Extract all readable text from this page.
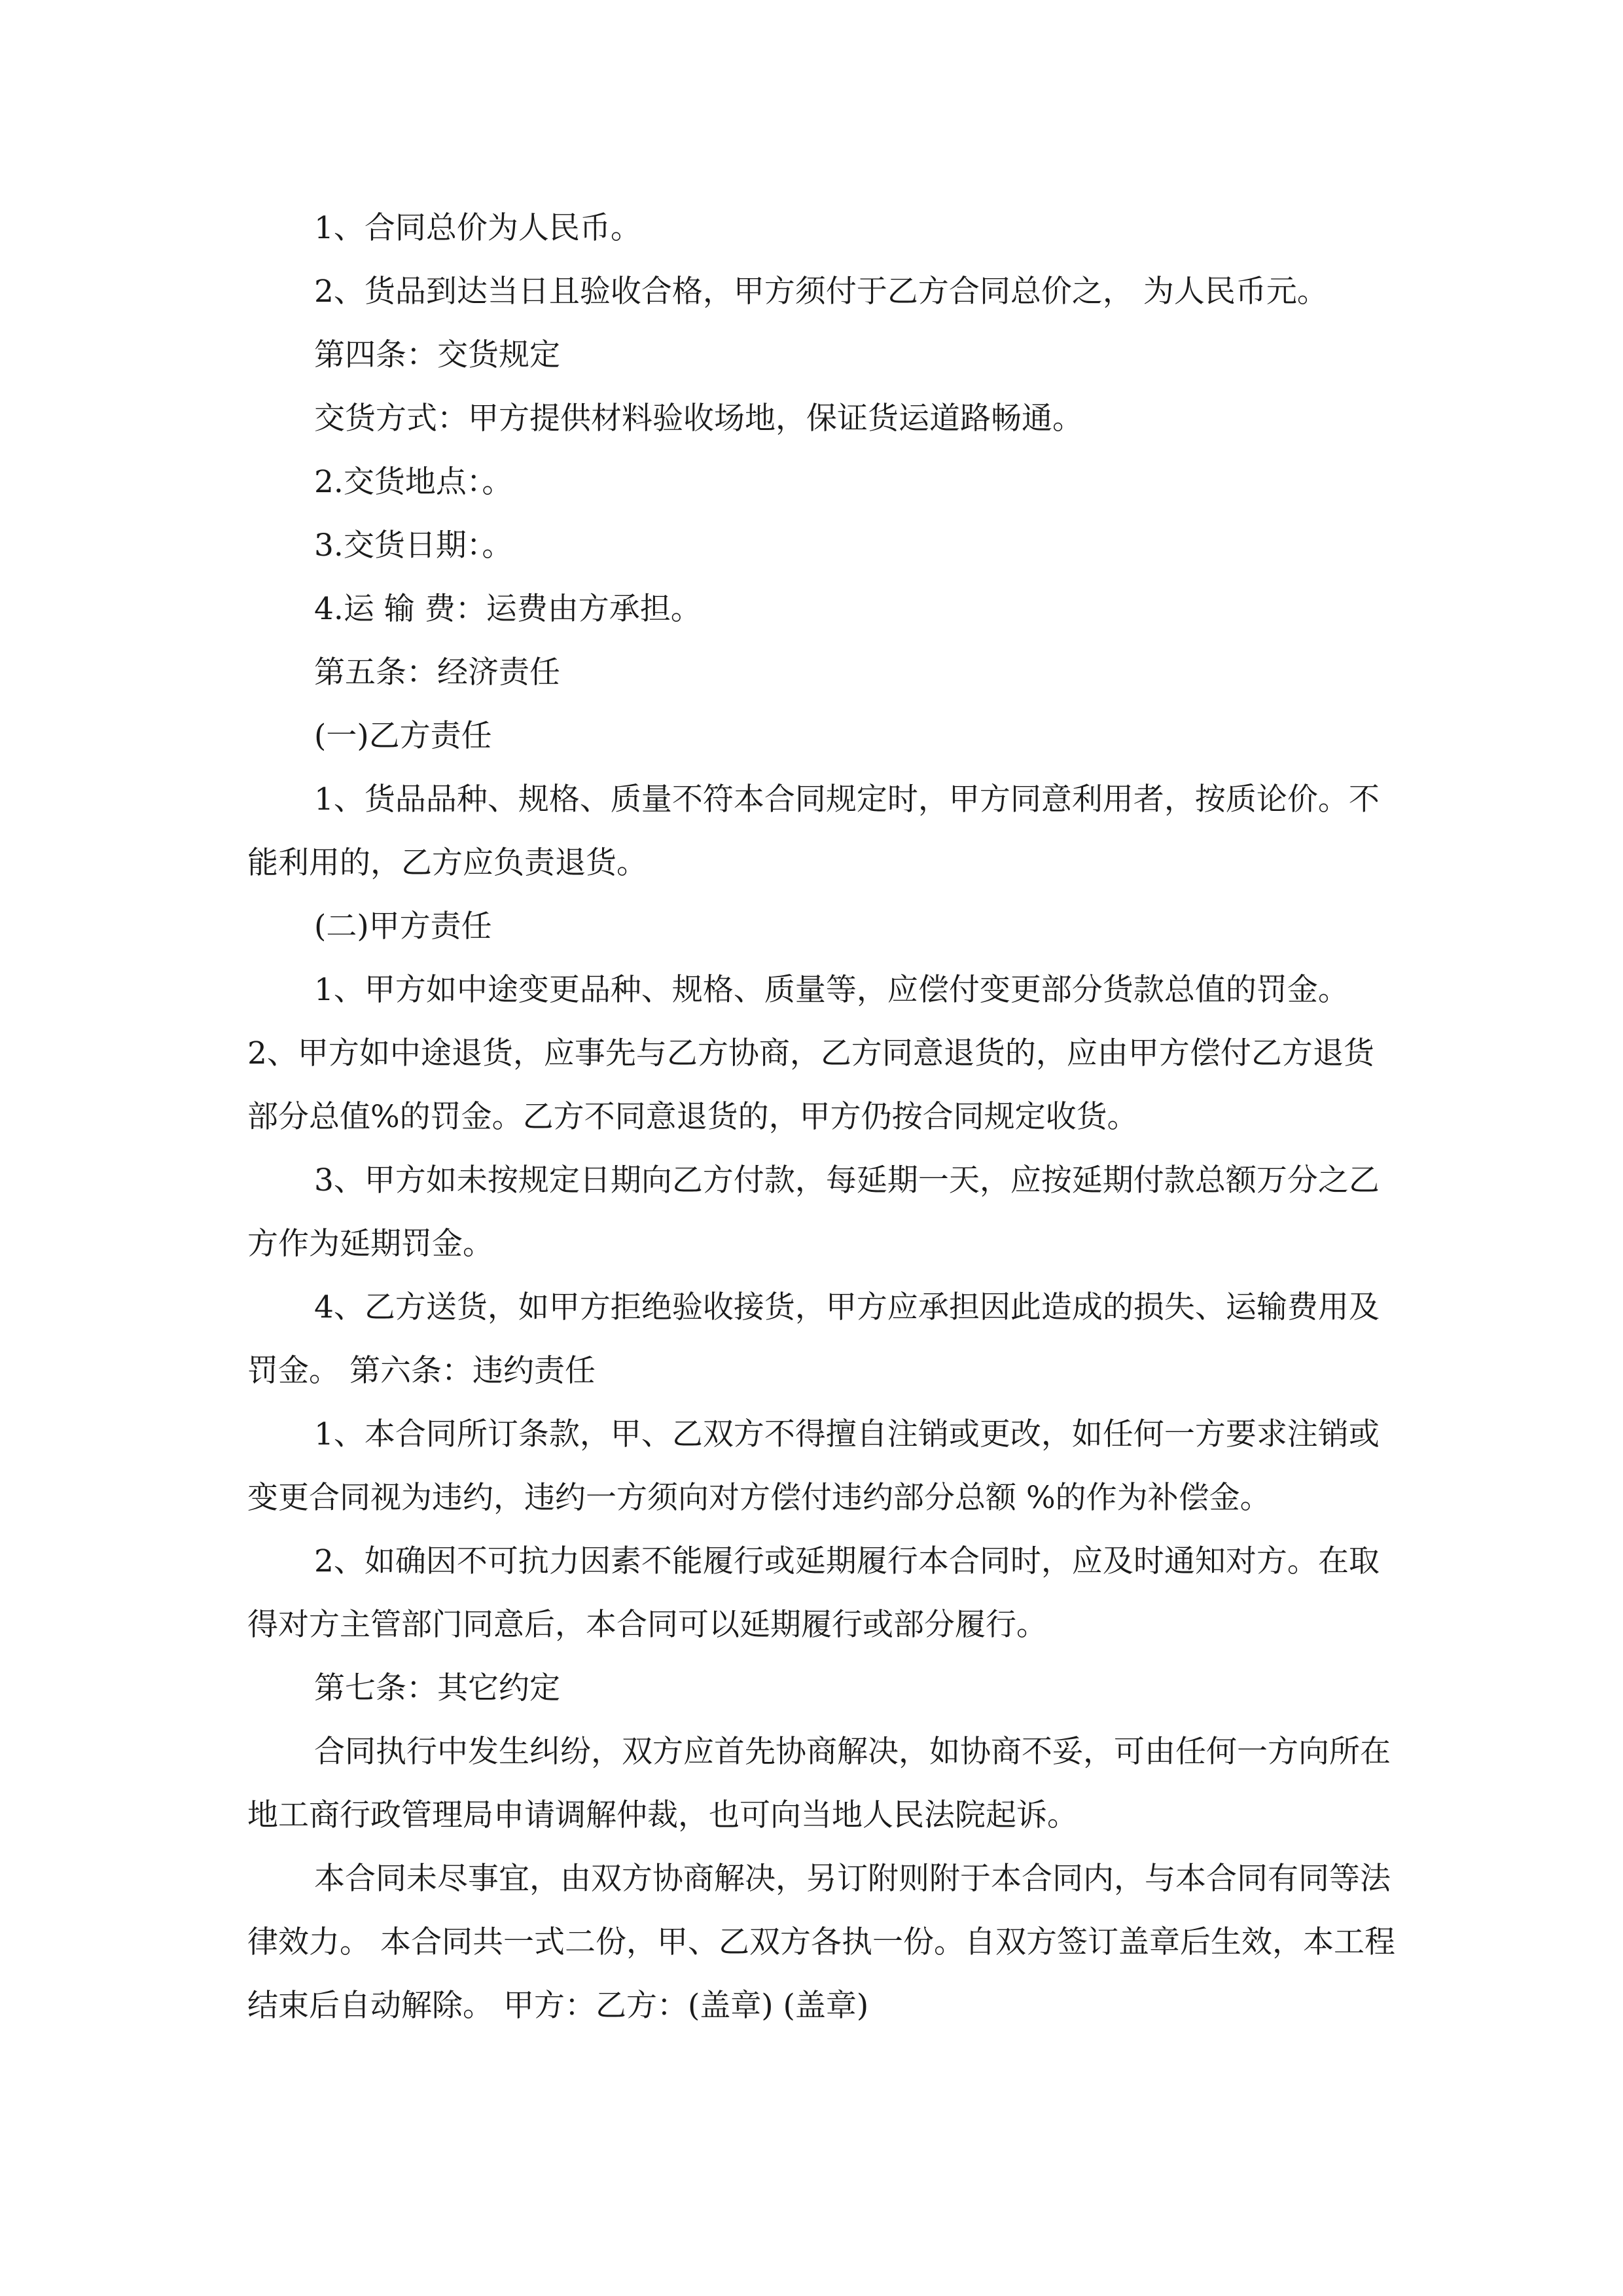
1、合同总价为人民币。

2、货品到达当日且验收合格，甲方须付于乙方合同总价之， 为人民币元。

第四条：交货规定

交货方式：甲方提供材料验收场地，保证货运道路畅通。

2.交货地点：。

3.交货日期：。

4.运 输 费：运费由方承担。

第五条：经济责任

(一)乙方责任

1、货品品种、规格、质量不符本合同规定时，甲方同意利用者，按质论价。不能利用的，乙方应负责退货。

(二)甲方责任

1、甲方如中途变更品种、规格、质量等，应偿付变更部分货款总值的罚金。

2、甲方如中途退货，应事先与乙方协商，乙方同意退货的，应由甲方偿付乙方退货部分总值%的罚金。乙方不同意退货的，甲方仍按合同规定收货。

3、甲方如未按规定日期向乙方付款，每延期一天，应按延期付款总额万分之乙方作为延期罚金。

4、乙方送货，如甲方拒绝验收接货，甲方应承担因此造成的损失、运输费用及罚金。 第六条：违约责任

1、本合同所订条款，甲、乙双方不得擅自注销或更改，如任何一方要求注销或变更合同视为违约，违约一方须向对方偿付违约部分总额 %的作为补偿金。

2、如确因不可抗力因素不能履行或延期履行本合同时，应及时通知对方。在取得对方主管部门同意后，本合同可以延期履行或部分履行。

第七条：其它约定

合同执行中发生纠纷，双方应首先协商解决，如协商不妥，可由任何一方向所在地工商行政管理局申请调解仲裁，也可向当地人民法院起诉。

本合同未尽事宜，由双方协商解决，另订附则附于本合同内，与本合同有同等法律效力。 本合同共一式二份，甲、乙双方各执一份。自双方签订盖章后生效，本工程结束后自动解除。 甲方：乙方：(盖章) (盖章)
